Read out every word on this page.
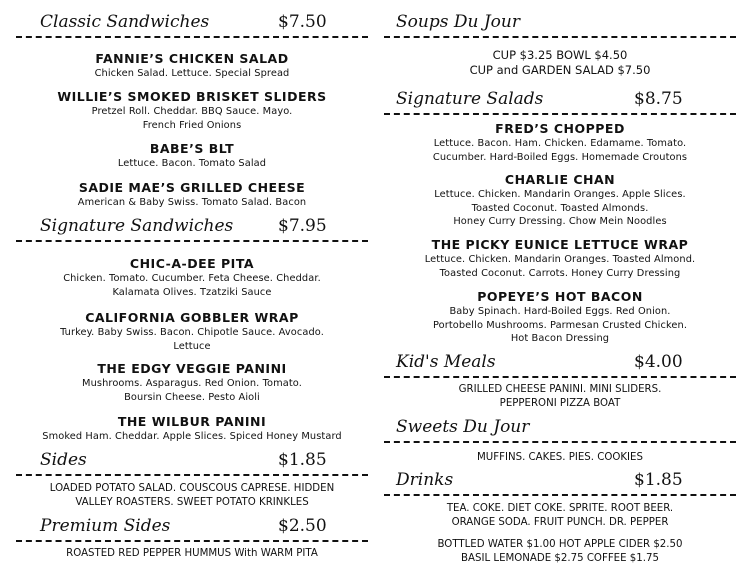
Classic Sandwiches	$7.50
FANNIE’S CHICKEN SALAD
Chicken Salad. Lettuce. Special Spread
WILLIE’S SMOKED BRISKET SLIDERS
Pretzel Roll. Cheddar. BBQ Sauce. Mayo.
French Fried Onions
BABE’S BLT
Lettuce. Bacon. Tomato Salad
SADIE MAE’S GRILLED CHEESE
American & Baby Swiss. Tomato Salad. Bacon
Signature Sandwiches	$7.95
CHIC-A-DEE PITA
Chicken. Tomato. Cucumber. Feta Cheese. Cheddar.
Kalamata Olives. Tzatziki Sauce
CALIFORNIA GOBBLER WRAP
Turkey. Baby Swiss. Bacon. Chipotle Sauce. Avocado.
Lettuce
THE EDGY VEGGIE PANINI
Mushrooms. Asparagus. Red Onion. Tomato.
Boursin Cheese. Pesto Aioli
THE WILBUR PANINI
Smoked Ham. Cheddar. Apple Slices. Spiced Honey Mustard
Sides	$1.85
LOADED POTATO SALAD. COUSCOUS CAPRESE. HIDDEN
VALLEY ROASTERS. SWEET POTATO KRINKLES
Premium Sides	$2.50
ROASTED RED PEPPER HUMMUS With WARM PITA
Soups Du Jour
CUP $3.25 BOWL $4.50
CUP and GARDEN SALAD $7.50
Signature Salads	$8.75
FRED’S CHOPPED
Lettuce. Bacon. Ham. Chicken. Edamame. Tomato.
Cucumber. Hard-Boiled Eggs. Homemade Croutons
CHARLIE CHAN
Lettuce. Chicken. Mandarin Oranges. Apple Slices.
Toasted Coconut. Toasted Almonds.
Honey Curry Dressing. Chow Mein Noodles
THE PICKY EUNICE LETTUCE WRAP
Lettuce. Chicken. Mandarin Oranges. Toasted Almond.
Toasted Coconut. Carrots. Honey Curry Dressing
POPEYE’S HOT BACON
Baby Spinach. Hard-Boiled Eggs. Red Onion.
Portobello Mushrooms. Parmesan Crusted Chicken.
Hot Bacon Dressing
Kid's Meals	$4.00
GRILLED CHEESE PANINI. MINI SLIDERS.
PEPPERONI PIZZA BOAT
Sweets Du Jour
MUFFINS. CAKES. PIES. COOKIES
Drinks	$1.85
TEA. COKE. DIET COKE. SPRITE. ROOT BEER.
ORANGE SODA. FRUIT PUNCH. DR. PEPPER
BOTTLED WATER $1.00 HOT APPLE CIDER $2.50
BASIL LEMONADE $2.75 COFFEE $1.75
